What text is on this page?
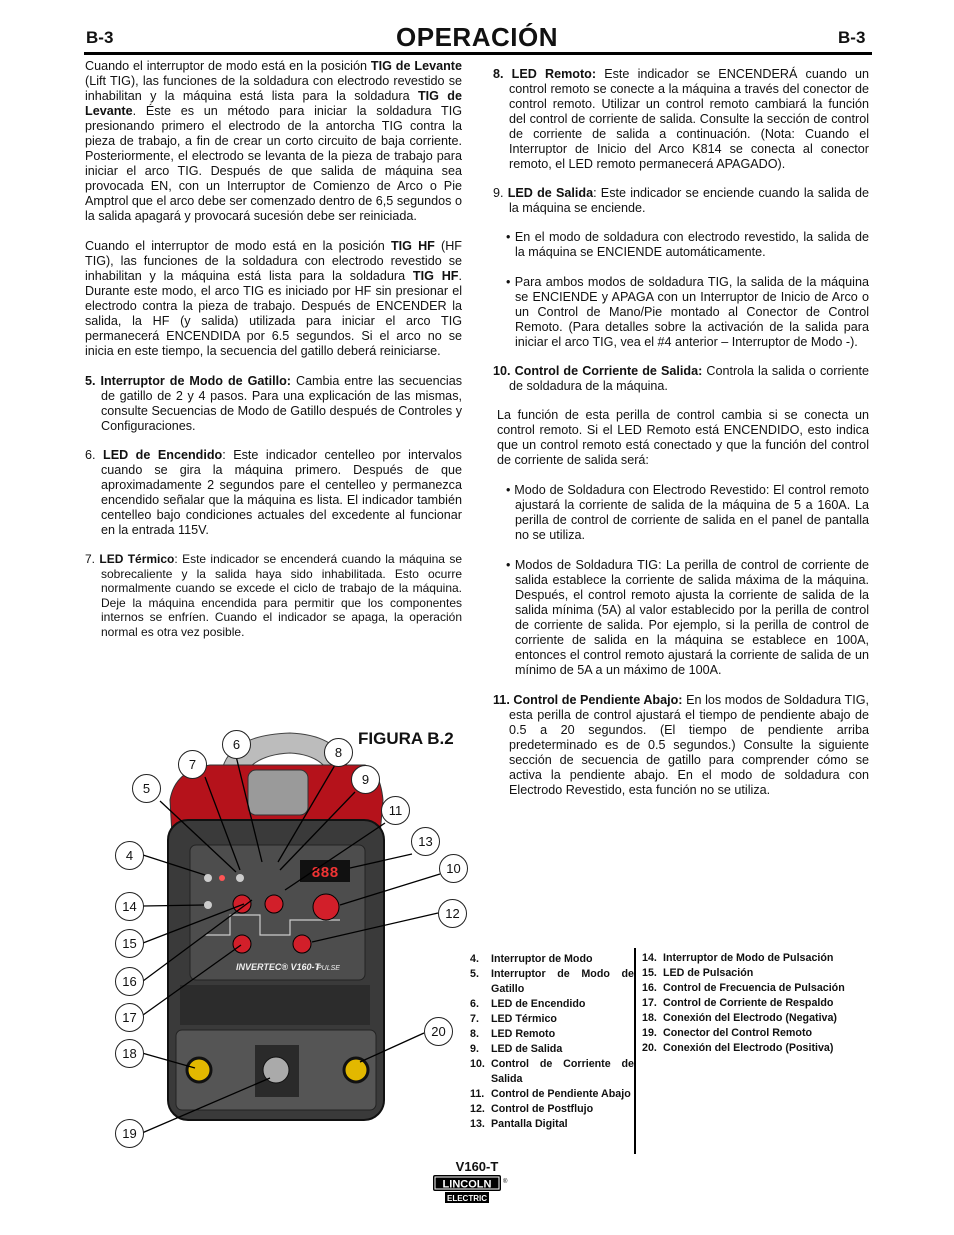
B-3	OPERACIÓN	B-3

Cuando el interruptor de modo está en la posición TIG de Levante (Lift TIG), las funciones de la soldadura con electrodo revestido se inhabilitan y la máquina está lista para la soldadura TIG de Levante. Éste es un método para iniciar la soldadura TIG presionando primero el electrodo de la antorcha TIG contra la pieza de trabajo, a fin de crear un corto circuito de baja corriente. Posteriormente, el electrodo se levanta de la pieza de trabajo para iniciar el arco TIG. Después de que salida de máquina sea provocada EN, con un Interruptor de Comienzo de Arco o Pie Amptrol que el arco debe ser comenzado dentro de 6,5 segundos o la salida apagará y provocará sucesión debe ser reiniciada.

Cuando el interruptor de modo está en la posición TIG HF (HF TIG), las funciones de la soldadura con electrodo revestido se inhabilitan y la máquina está lista para la soldadura TIG HF. Durante este modo, el arco TIG es iniciado por HF sin presionar el electrodo contra la pieza de trabajo. Después de ENCENDER la salida, la HF (y salida) utilizada para iniciar el arco TIG permanecerá ENCENDIDA por 6.5 segundos. Si el arco no se inicia en este tiempo, la secuencia del gatillo deberá reiniciarse.

5. Interruptor de Modo de Gatillo: Cambia entre las secuencias de gatillo de 2 y 4 pasos. Para una explicación de las mismas, consulte Secuencias de Modo de Gatillo después de Controles y Configuraciones.

6. LED de Encendido: Este indicador centelleo por intervalos cuando se gira la máquina primero. Después de que aproximadamente 2 segundos pare el centelleo y permanezca encendido señalar que la máquina es lista. El indicador también centelleo bajo condiciones actuales del excedente al funcionar en la entrada 115V.

7. LED Térmico: Este indicador se encenderá cuando la máquina se sobrecaliente y la salida haya sido inhabilitada. Esto ocurre normalmente cuando se excede el ciclo de trabajo de la máquina. Deje la máquina encendida para permitir que los componentes internos se enfríen. Cuando el indicador se apaga, la operación normal es otra vez posible.

8. LED Remoto: Este indicador se ENCENDERÁ cuando un control remoto se conecte a la máquina a través del conector de control remoto. Utilizar un control remoto cambiará la función del control de corriente de salida. Consulte la sección de control de corriente de salida a continuación. (Nota: Cuando el Interruptor de Inicio del Arco K814 se conecta al conector remoto, el LED remoto permanecerá APAGADO).

9. LED de Salida: Este indicador se enciende cuando la salida de la máquina se enciende.

• En el modo de soldadura con electrodo revestido, la salida de la máquina se ENCIENDE automáticamente.

• Para ambos modos de soldadura TIG, la salida de la máquina se ENCIENDE y APAGA con un Interruptor de Inicio de Arco o un Control de Mano/Pie montado al Conector de Control Remoto. (Para detalles sobre la activación de la salida para iniciar el arco TIG, vea el #4 anterior – Interruptor de Modo -).

10. Control de Corriente de Salida: Controla la salida o corriente de soldadura de la máquina.

La función de esta perilla de control cambia si se conecta un control remoto. Si el LED Remoto está ENCENDIDO, esto indica que un control remoto está conectado y que la función del control de corriente de salida será:

• Modo de Soldadura con Electrodo Revestido: El control remoto ajustará la corriente de salida de la máquina de 5 a 160A. La perilla de control de corriente de salida en el panel de pantalla no se utiliza.

• Modos de Soldadura TIG: La perilla de control de corriente de salida establece la corriente de salida máxima de la máquina. Después, el control remoto ajusta la corriente de salida de la salida mínima (5A) al valor establecido por la perilla de control de corriente de salida. Por ejemplo, si la perilla de control de corriente de salida en la máquina se establece en 100A, entonces el control remoto ajustará la corriente de salida de un mínimo de 5A a un máximo de 100A.

11. Control de Pendiente Abajo: En los modos de Soldadura TIG, esta perilla de control ajustará el tiempo de pendiente abajo de 0.5 a 20 segundos. (El tiempo de pendiente arriba predeterminado es de 0.5 segundos.) Consulte la siguiente sección de secuencia de gatillo para comprender cómo se activa la pendiente abajo. En el modo de soldadura con Electrodo Revestido, esta función no se utiliza.

FIGURA B.2
888
INVERTEC® V160-T
PULSE
6
7
5
8
9
11
13
4
10
14	12
15
16
17
20
18
19
4.	Interruptor de Modo
5.	Interruptor de Modo de Gatillo
6.	LED de Encendido
7.	LED Térmico
8.	LED Remoto
9.	LED de Salida
10. Control de Corriente de Salida
11. Control de Pendiente Abajo
12. Control de Postflujo
13. Pantalla Digital
14. Interruptor de Modo de Pulsación
15. LED de Pulsación
16. Control de Frecuencia de Pulsación
17. Control de Corriente de Respaldo
18. Conexión del Electrodo (Negativa)
19. Conector del Control Remoto
20. Conexión del Electrodo (Positiva)
V160-T
LINCOLN ®
ELECTRIC
